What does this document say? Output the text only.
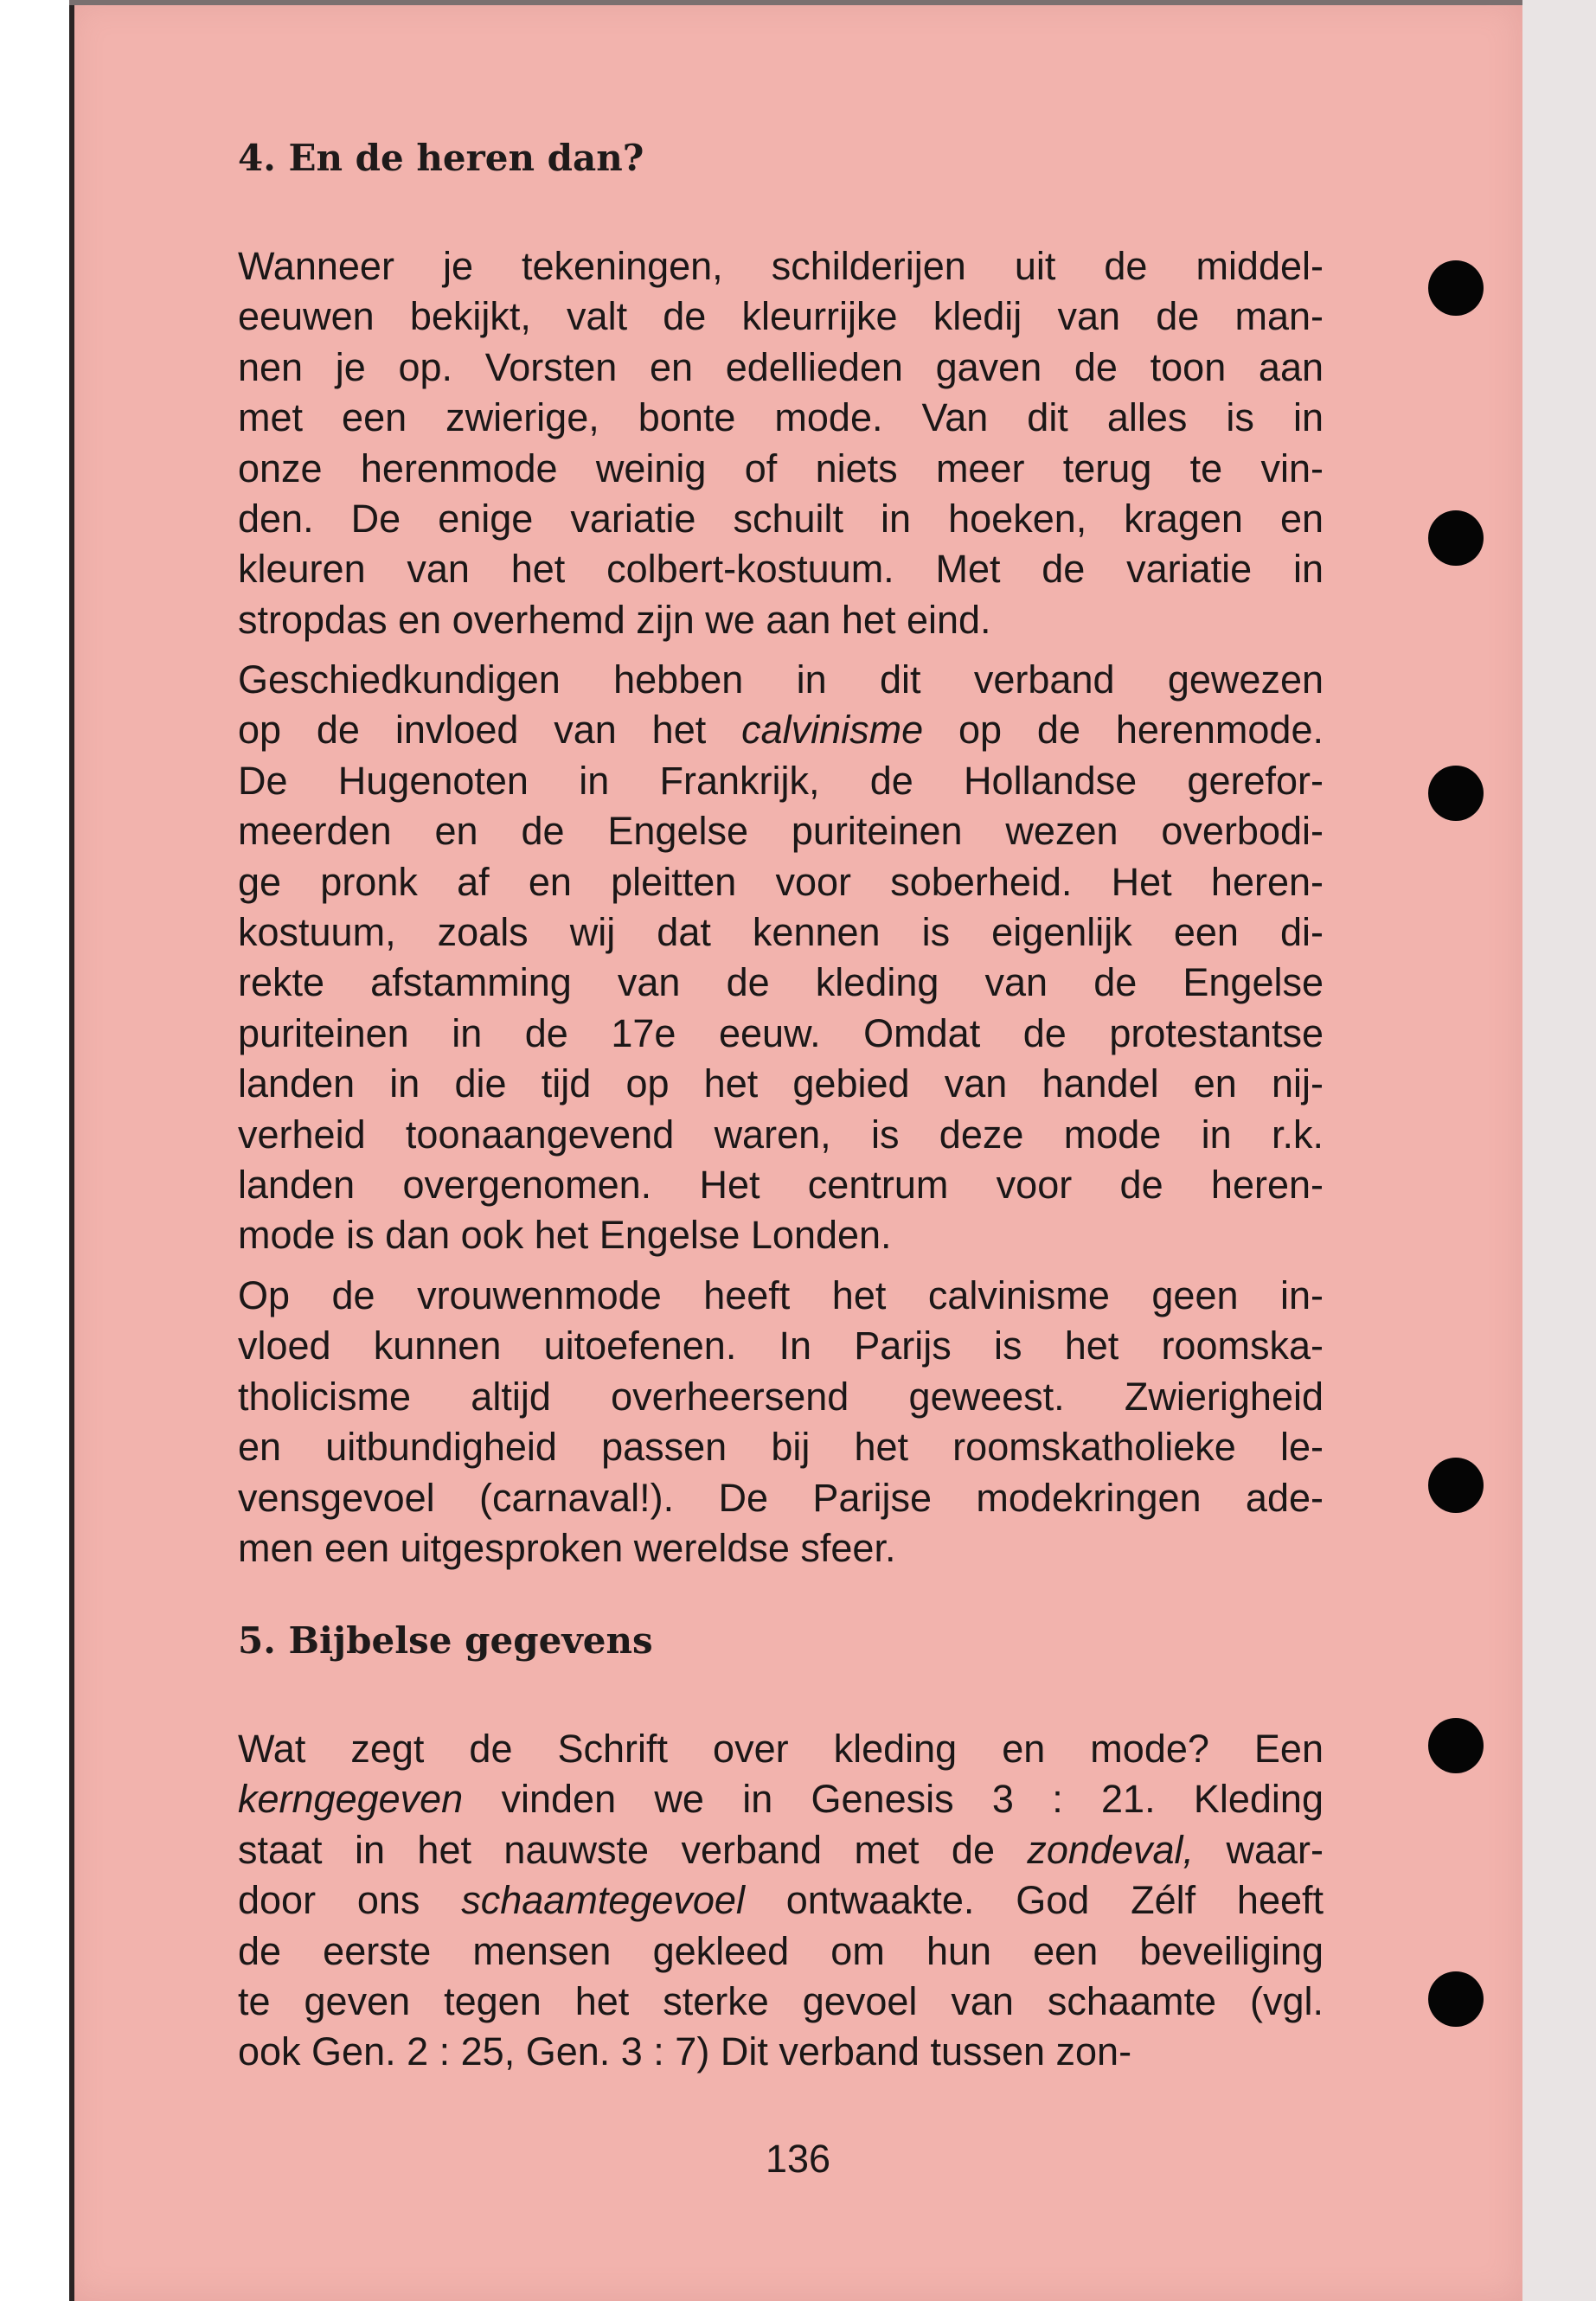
4. En de heren dan?
Wanneer je tekeningen, schilderijen uit de middel-
eeuwen bekijkt, valt de kleurrijke kledij van de man-
nen je op. Vorsten en edellieden gaven de toon aan
met een zwierige, bonte mode. Van dit alles is in
onze herenmode weinig of niets meer terug te vin-
den. De enige variatie schuilt in hoeken, kragen en
kleuren van het colbert-kostuum. Met de variatie in
stropdas en overhemd zijn we aan het eind.
Geschiedkundigen hebben in dit verband gewezen
op de invloed van het calvinisme op de herenmode.
De Hugenoten in Frankrijk, de Hollandse gerefor-
meerden en de Engelse puriteinen wezen overbodi-
ge pronk af en pleitten voor soberheid. Het heren-
kostuum, zoals wij dat kennen is eigenlijk een di-
rekte afstamming van de kleding van de Engelse
puriteinen in de 17e eeuw. Omdat de protestantse
landen in die tijd op het gebied van handel en nij-
verheid toonaangevend waren, is deze mode in r.k.
landen overgenomen. Het centrum voor de heren-
mode is dan ook het Engelse Londen.
Op de vrouwenmode heeft het calvinisme geen in-
vloed kunnen uitoefenen. In Parijs is het roomska-
tholicisme altijd overheersend geweest. Zwierigheid
en uitbundigheid passen bij het roomskatholieke le-
vensgevoel (carnaval!). De Parijse modekringen ade-
men een uitgesproken wereldse sfeer.
5. Bijbelse gegevens
Wat zegt de Schrift over kleding en mode? Een
kerngegeven vinden we in Genesis 3 : 21. Kleding
staat in het nauwste verband met de zondeval, waar-
door ons schaamtegevoel ontwaakte. God Zélf heeft
de eerste mensen gekleed om hun een beveiliging
te geven tegen het sterke gevoel van schaamte (vgl.
ook Gen. 2 : 25, Gen. 3 : 7) Dit verband tussen zon-
136
